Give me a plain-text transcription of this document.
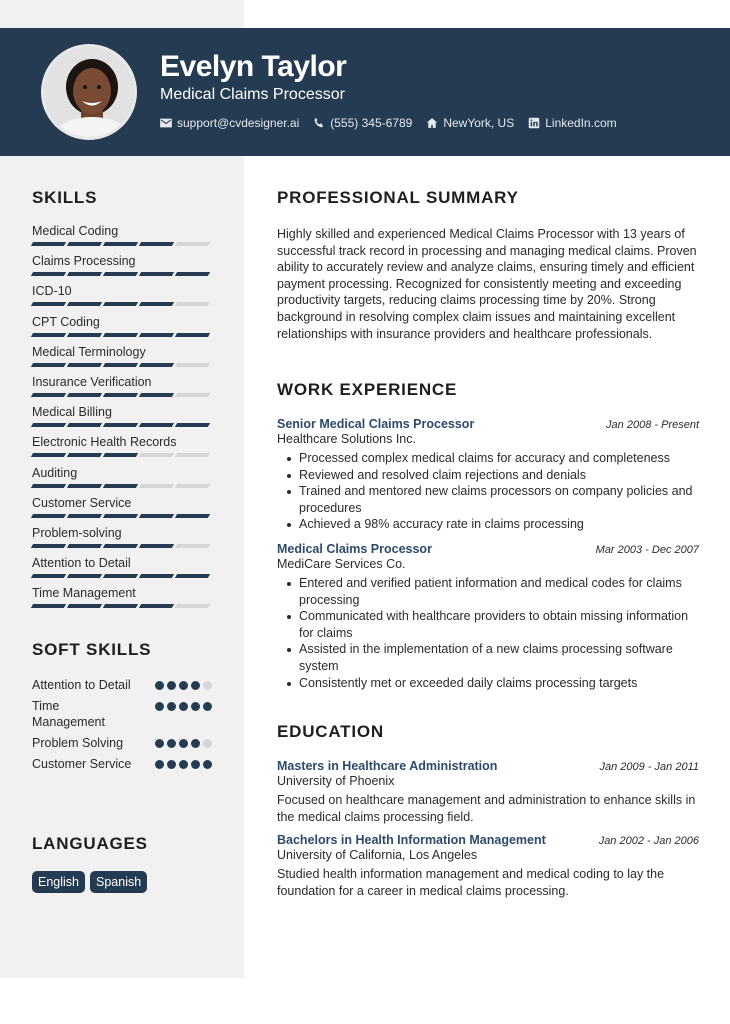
Evelyn Taylor
Medical Claims Processor
support@cvdesigner.ai	(555) 345-6789	NewYork, US	LinkedIn.com
SKILLS
Medical Coding
Claims Processing
ICD-10
CPT Coding
Medical Terminology
Insurance Verification
Medical Billing
Electronic Health Records
Auditing
Customer Service
Problem-solving
Attention to Detail
Time Management
SOFT SKILLS
Attention to Detail
Time Management
Problem Solving
Customer Service
LANGUAGES
English	Spanish
PROFESSIONAL SUMMARY
Highly skilled and experienced Medical Claims Processor with 13 years of successful track record in processing and managing medical claims. Proven ability to accurately review and analyze claims, ensuring timely and efficient payment processing. Recognized for consistently meeting and exceeding productivity targets, reducing claims processing time by 20%. Strong background in resolving complex claim issues and maintaining excellent relationships with insurance providers and healthcare professionals.
WORK EXPERIENCE
Senior Medical Claims Processor	Jan 2008 - Present
Healthcare Solutions Inc.
Processed complex medical claims for accuracy and completeness
Reviewed and resolved claim rejections and denials
Trained and mentored new claims processors on company policies and procedures
Achieved a 98% accuracy rate in claims processing
Medical Claims Processor	Mar 2003 - Dec 2007
MediCare Services Co.
Entered and verified patient information and medical codes for claims processing
Communicated with healthcare providers to obtain missing information for claims
Assisted in the implementation of a new claims processing software system
Consistently met or exceeded daily claims processing targets
EDUCATION
Masters in Healthcare Administration	Jan 2009 - Jan 2011
University of Phoenix
Focused on healthcare management and administration to enhance skills in the medical claims processing field.
Bachelors in Health Information Management	Jan 2002 - Jan 2006
University of California, Los Angeles
Studied health information management and medical coding to lay the foundation for a career in medical claims processing.
